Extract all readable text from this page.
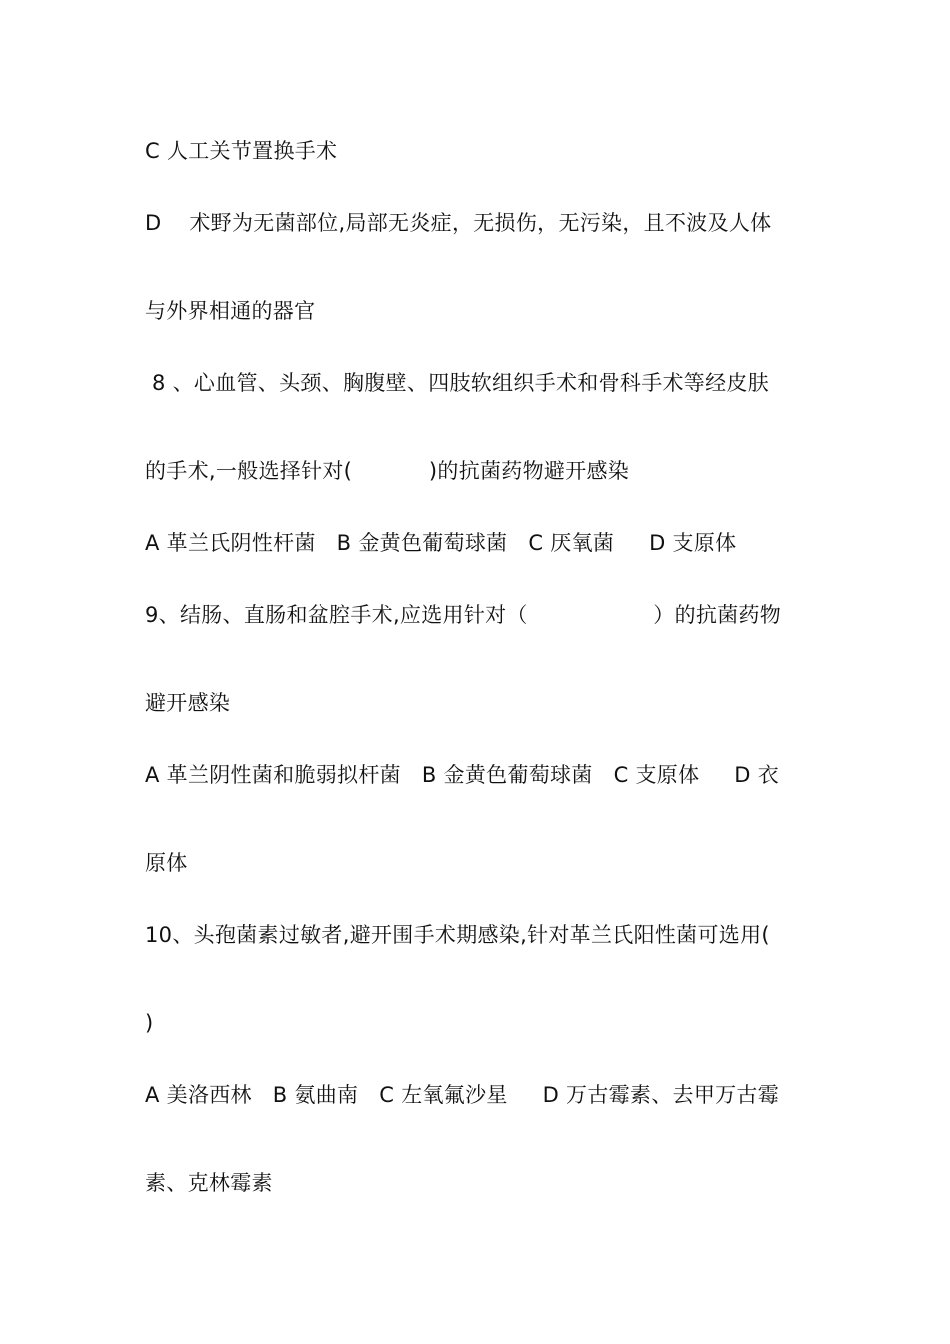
C 人工关节置换手术
D    术野为无菌部位,局部无炎症，无损伤，无污染，且不波及人体
与外界相通的器官
8 、心血管、头颈、胸腹壁、四肢软组织手术和骨科手术等经皮肤
的手术,一般选择针对(           )的抗菌药物避开感染
A 革兰氏阴性杆菌   B 金黄色葡萄球菌   C 厌氧菌     D 支原体
9、结肠、直肠和盆腔手术,应选用针对（                  ）的抗菌药物
避开感染
A 革兰阴性菌和脆弱拟杆菌   B 金黄色葡萄球菌   C 支原体     D 衣
原体
10、头孢菌素过敏者,避开围手术期感染,针对革兰氏阳性菌可选用(
)
A 美洛西林   B 氨曲南   C 左氧氟沙星     D 万古霉素、去甲万古霉
素、克林霉素
